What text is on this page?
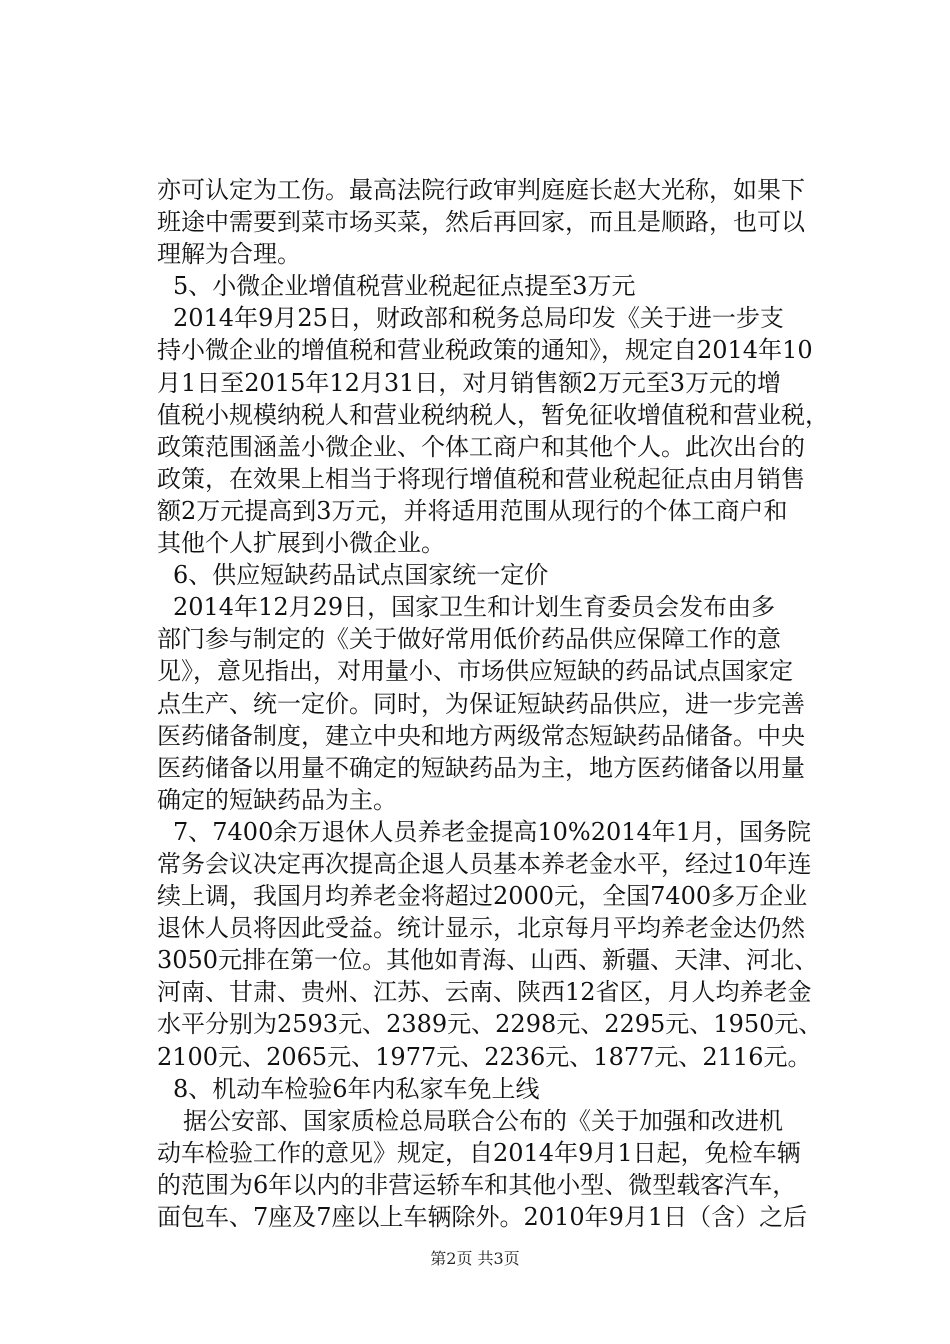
亦可认定为工伤。最高法院行政审判庭庭长赵大光称，如果下
班途中需要到菜市场买菜，然后再回家，而且是顺路，也可以
理解为合理。
5、小微企业增值税营业税起征点提至3万元
2014年9月25日，财政部和税务总局印发《关于进一步支
持小微企业的增值税和营业税政策的通知》，规定自2014年10
月1日至2015年12月31日，对月销售额2万元至3万元的增
值税小规模纳税人和营业税纳税人，暂免征收增值税和营业税，
政策范围涵盖小微企业、个体工商户和其他个人。此次出台的
政策，在效果上相当于将现行增值税和营业税起征点由月销售
额2万元提高到3万元，并将适用范围从现行的个体工商户和
其他个人扩展到小微企业。
6、供应短缺药品试点国家统一定价
2014年12月29日，国家卫生和计划生育委员会发布由多
部门参与制定的《关于做好常用低价药品供应保障工作的意
见》，意见指出，对用量小、市场供应短缺的药品试点国家定
点生产、统一定价。同时，为保证短缺药品供应，进一步完善
医药储备制度，建立中央和地方两级常态短缺药品储备。中央
医药储备以用量不确定的短缺药品为主，地方医药储备以用量
确定的短缺药品为主。
7、7400余万退休人员养老金提高10%2014年1月，国务院
常务会议决定再次提高企退人员基本养老金水平，经过10年连
续上调，我国月均养老金将超过2000元，全国7400多万企业
退休人员将因此受益。统计显示，北京每月平均养老金达仍然
3050元排在第一位。其他如青海、山西、新疆、天津、河北、
河南、甘肃、贵州、江苏、云南、陕西12省区，月人均养老金
水平分别为2593元、2389元、2298元、2295元、1950元、
2100元、2065元、1977元、2236元、1877元、2116元。
8、机动车检验6年内私家车免上线
据公安部、国家质检总局联合公布的《关于加强和改进机
动车检验工作的意见》规定，自2014年9月1日起，免检车辆
的范围为6年以内的非营运轿车和其他小型、微型载客汽车，
面包车、7座及7座以上车辆除外。2010年9月1日（含）之后
第2页 共3页
